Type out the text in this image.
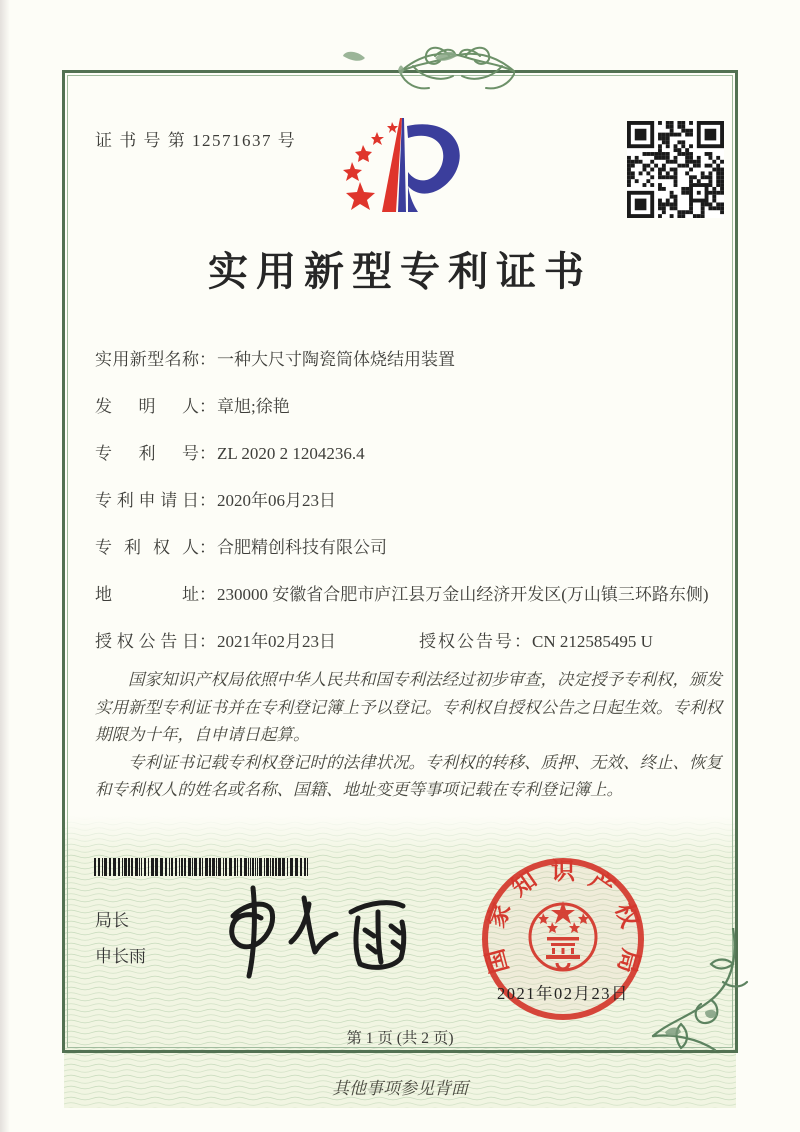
证 书 号 第 12571637 号
实用新型专利证书
实用新型名称 ： 一种大尺寸陶瓷筒体烧结用装置
发明人 ： 章旭;徐艳
专利号 ： ZL 2020 2 1204236.4
专利申请日 ： 2020年06月23日
专利权人 ： 合肥精创科技有限公司
地址 ： 230000 安徽省合肥市庐江县万金山经济开发区(万山镇三环路东侧)
授权公告日 ： 2021年02月23日	授权公告号 ： CN 212585495 U

国家知识产权局依照中华人民共和国专利法经过初步审查，决定授予专利权，颁发实用新型专利证书并在专利登记簿上予以登记。专利权自授权公告之日起生效。专利权期限为十年，自申请日起算。

专利证书记载专利权登记时的法律状况。专利权的转移、质押、无效、终止、恢复和专利权人的姓名或名称、国籍、地址变更等事项记载在专利登记簿上。

局长
申长雨	国
家
知 识 产
权
局
2021年02月23日
第 1 页 (共 2 页)
其他事项参见背面
